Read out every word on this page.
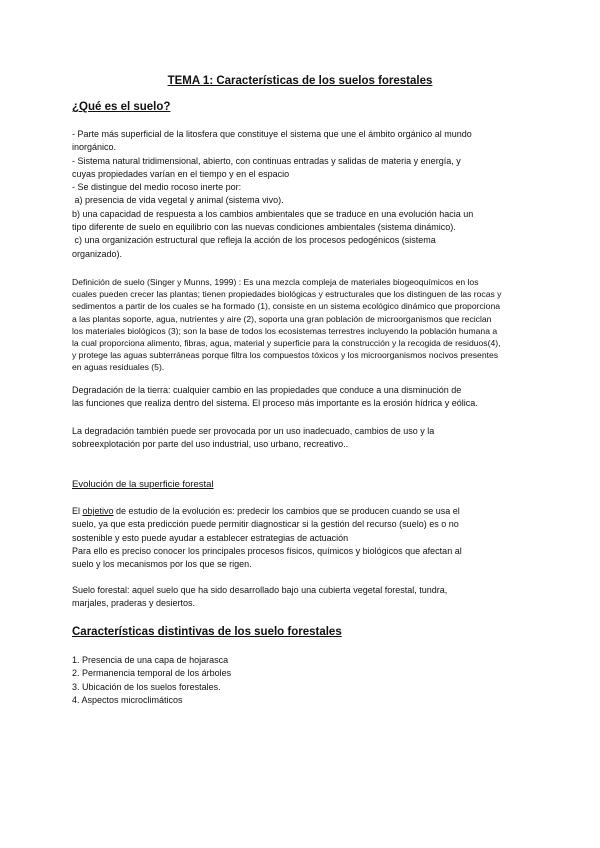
TEMA 1: Características de los suelos forestales
¿Qué es el suelo?
- Parte más superficial de la litosfera que constituye el sistema que une el ámbito orgánico al mundo
inorgánico.
- Sistema natural tridimensional, abierto, con continuas entradas y salidas de materia y energía, y
cuyas propiedades varían en el tiempo y en el espacio
- Se distingue del medio rocoso inerte por:
a) presencia de vida vegetal y animal (sistema vivo).
b) una capacidad de respuesta a los cambios ambientales que se traduce en una evolución hacia un
tipo diferente de suelo en equilibrio con las nuevas condiciones ambientales (sistema dinámico).
c) una organización estructural que refleja la acción de los procesos pedogénicos (sistema
organizado).
Definición de suelo (Singer y Munns, 1999) : Es una mezcla compleja de materiales biogeoquímicos en los
cuales pueden crecer las plantas; tienen propiedades biológicas y estructurales que los distinguen de las rocas y
sedimentos a partir de los cuales se ha formado (1), consiste en un sistema ecológico dinámico que proporciona
a las plantas soporte, agua, nutrientes y aire (2), soporta una gran población de microorganismos que reciclan
los materiales biológicos (3); son la base de todos los ecosistemas terrestres incluyendo la población humana a
la cual proporciona alimento, fibras, agua, material y superficie para la construcción y la recogida de residuos(4),
y protege las aguas subterráneas porque filtra los compuestos tóxicos y los microorganismos nocivos presentes
en aguas residuales (5).
Degradación de la tierra: cualquier cambio en las propiedades que conduce a una disminución de
las funciones que realiza dentro del sistema. El proceso más importante es la erosión hídrica y eólica.
La degradación también puede ser provocada por un uso inadecuado, cambios de uso y la
sobreexplotación por parte del uso industrial, uso urbano, recreativo..
Evolución de la superficie forestal
El objetivo de estudio de la evolución es: predecir los cambios que se producen cuando se usa el
suelo, ya que esta predicción puede permitir diagnosticar si la gestión del recurso (suelo) es o no
sostenible y esto puede ayudar a establecer estrategias de actuación
Para ello es preciso conocer los principales procesos físicos, químicos y biológicos que afectan al
suelo y los mecanismos por los que se rigen.
Suelo forestal: aquel suelo que ha sido desarrollado bajo una cubierta vegetal forestal, tundra,
marjales, praderas y desiertos.
Características distintivas de los suelo forestales
1. Presencia de una capa de hojarasca
2. Permanencia temporal de los árboles
3. Ubicación de los suelos forestales.
4. Aspectos microclimáticos
